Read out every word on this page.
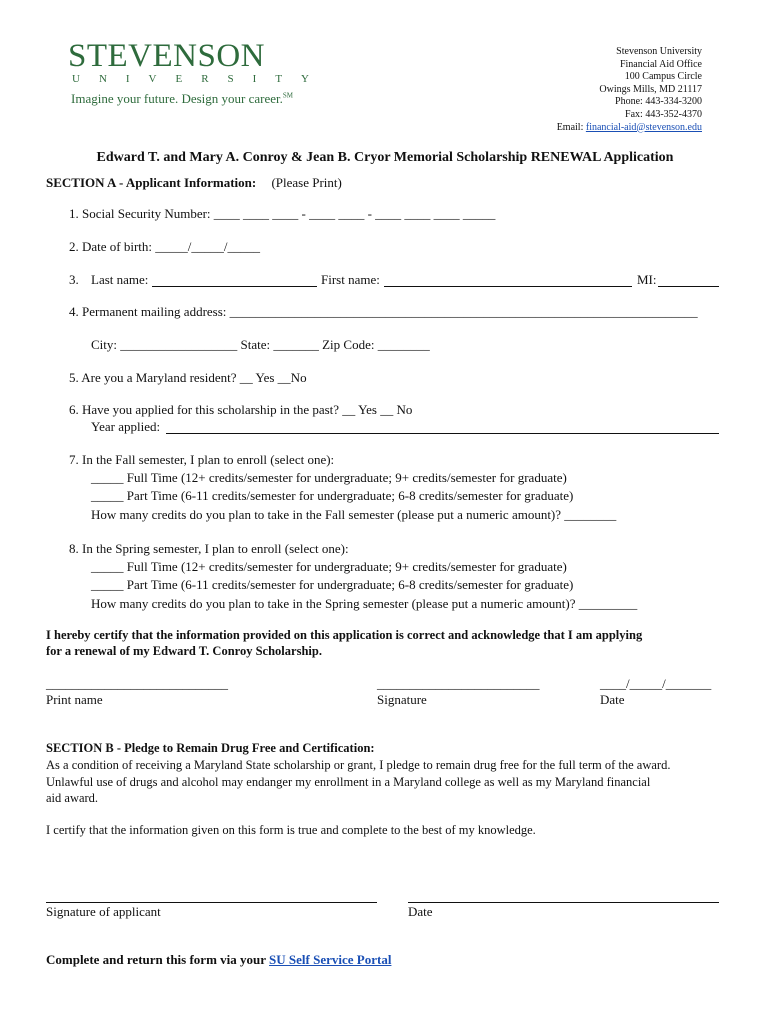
STEVENSON
UNIVERSITY
Imagine your future. Design your career.℠
Stevenson University
Financial Aid Office
100 Campus Circle
Owings Mills, MD 21117
Phone: 443-334-3200
Fax: 443-352-4370
Email: financial-aid@stevenson.edu
Edward T. and Mary A. Conroy & Jean B. Cryor Memorial Scholarship RENEWAL Application
SECTION A - Applicant Information: (Please Print)
1. Social Security Number: ____ ____ ____ - ____ ____ - ____ ____ ____ _____
2. Date of birth: _____/_____/_____
3. Last name:	First name:	MI:
4. Permanent mailing address: ________________________________________________________________________
City: __________________ State: _______ Zip Code: ________
5. Are you a Maryland resident? __ Yes __No
6. Have you applied for this scholarship in the past? __ Yes __ No
Year applied:
7. In the Fall semester, I plan to enroll (select one):
_____ Full Time (12+ credits/semester for undergraduate; 9+ credits/semester for graduate)
_____ Part Time (6-11 credits/semester for undergraduate; 6-8 credits/semester for graduate)
How many credits do you plan to take in the Fall semester (please put a numeric amount)? ________
8. In the Spring semester, I plan to enroll (select one):
_____ Full Time (12+ credits/semester for undergraduate; 9+ credits/semester for graduate)
_____ Part Time (6-11 credits/semester for undergraduate; 6-8 credits/semester for graduate)
How many credits do you plan to take in the Spring semester (please put a numeric amount)? _________
I hereby certify that the information provided on this application is correct and acknowledge that I am applying
for a renewal of my Edward T. Conroy Scholarship.
____________________________	_________________________	____/_____/_______
Print name	Signature	Date
SECTION B - Pledge to Remain Drug Free and Certification:
As a condition of receiving a Maryland State scholarship or grant, I pledge to remain drug free for the full term of the award.
Unlawful use of drugs and alcohol may endanger my enrollment in a Maryland college as well as my Maryland financial
aid award.
I certify that the information given on this form is true and complete to the best of my knowledge.
Signature of applicant	Date
Complete and return this form via your SU Self Service Portal
